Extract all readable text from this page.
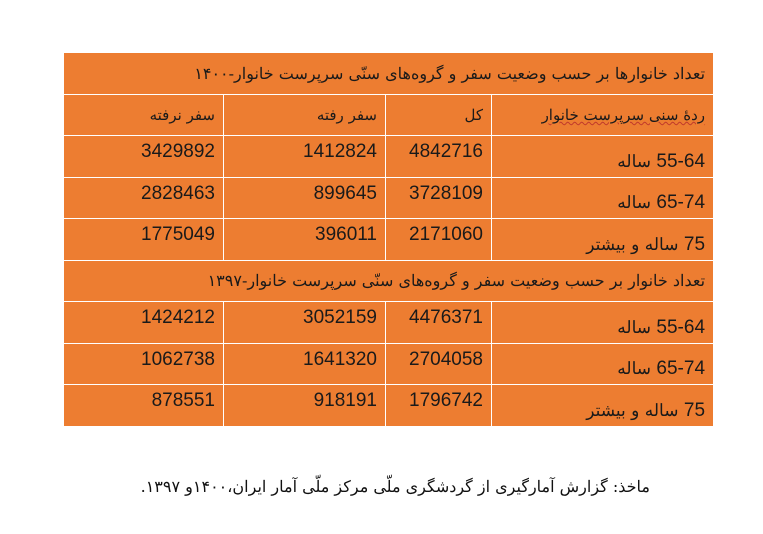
تعداد خانوارها بر حسب وضعیت سفر و گروه‌های سنّی سرپرست خانوار-۱۴۰۰			
سفر نرفته	سفر رفته	کل	ردهٔ سنی سرپرست خانوار
3429892	1412824	4842716	55-64 ساله
2828463	899645	3728109	65-74 ساله
1775049	396011	2171060	75 ساله و بیشتر
تعداد خانوار بر حسب وضعیت سفر و گروه‌های سنّی سرپرست خانوار-۱۳۹۷			
1424212	3052159	4476371	55-64 ساله
1062738	1641320	2704058	65-74 ساله
878551	918191	1796742	75 ساله و بیشتر
ماخذ: گزارش آمارگیری از گردشگری ملّی مرکز ملّی آمار ایران،۱۴۰۰و ۱۳۹۷.
